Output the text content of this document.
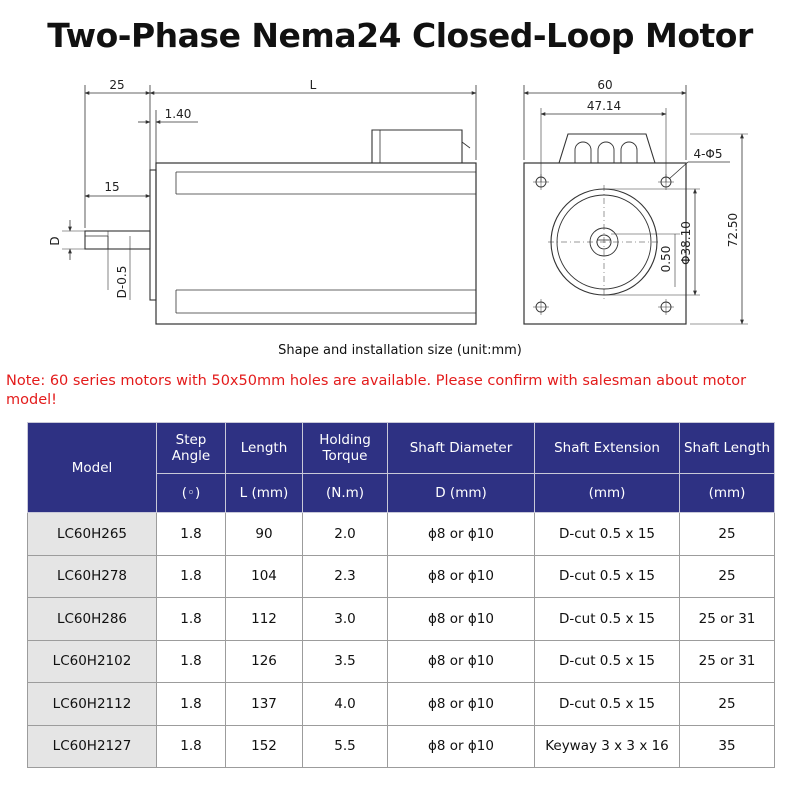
Two-Phase Nema24 Closed-Loop Motor
25	L
1.40
15
D
D-0.5
60
47.14
4-Φ5
0.50 Φ38.10	72.50
Shape and installation size (unit:mm)
Note: 60 series motors with 50x50mm holes are available. Please confirm with salesman about motor model!
Model	Step Angle	Length	Holding Torque	Shaft Diameter	Shaft Extension	Shaft Length
	(◦)	L (mm)	(N.m)	D (mm)	(mm)	(mm)
LC60H265	1.8	90	2.0	ϕ8 or ϕ10	D-cut 0.5 x 15	25
LC60H278	1.8	104	2.3	ϕ8 or ϕ10	D-cut 0.5 x 15	25
LC60H286	1.8	112	3.0	ϕ8 or ϕ10	D-cut 0.5 x 15	25 or 31
LC60H2102	1.8	126	3.5	ϕ8 or ϕ10	D-cut 0.5 x 15	25 or 31
LC60H2112	1.8	137	4.0	ϕ8 or ϕ10	D-cut 0.5 x 15	25
LC60H2127	1.8	152	5.5	ϕ8 or ϕ10	Keyway 3 x 3 x 16	35
